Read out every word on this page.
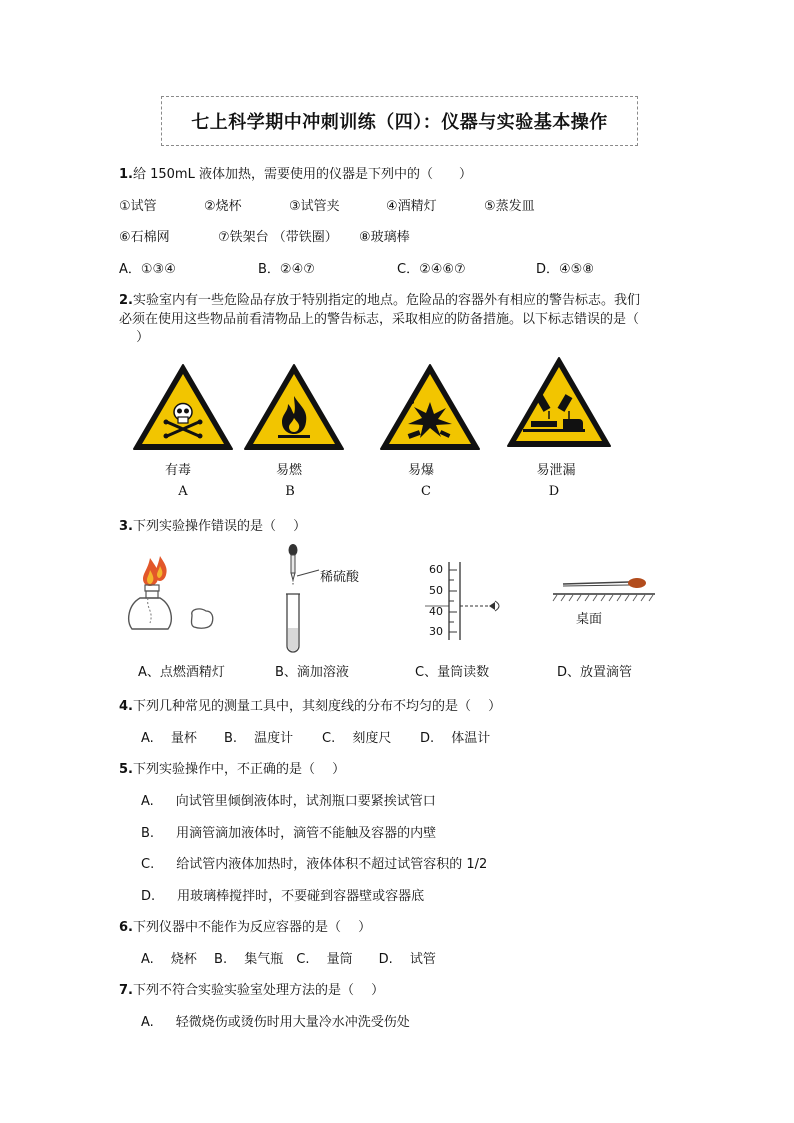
七上科学期中冲刺训练（四）：仪器与实验基本操作
1.给 150mL 液体加热，需要使用的仪器是下列中的（　　）
①试管	②烧杯	③试管夹	④酒精灯	⑤蒸发皿
⑥石棉网	⑦铁架台 （带铁圈） ⑧玻璃棒
A．①③④	B．②④⑦	C．②④⑥⑦	D．④⑤⑧
2.实验室内有一些危险品存放于特别指定的地点。危险品的容器外有相应的警告标志。我们
必须在使用这些物品前看清物品上的警告标志，采取相应的防备措施。以下标志错误的是（
　 ）
有毒	易燃	易爆	易泄漏
A	B	C	D
3.下列实验操作错误的是（　 ）
稀硫酸
60
50
40
30
桌面
A、点燃酒精灯	B、滴加溶液	C、量筒读数	D、放置滴管
4.下列几种常见的测量工具中，其刻度线的分布不均匀的是（　 ）
A.　 量杯 B.　 温度计 C.　 刻度尺 D.　 体温计
5.下列实验操作中，不正确的是（　 ）
A. 向试管里倾倒液体时，试剂瓶口要紧挨试管口
B. 用滴管滴加液体时，滴管不能触及容器的内壁
C. 给试管内液体加热时，液体体积不超过试管容积的 1/2
D. 用玻璃棒搅拌时，不要碰到容器壁或容器底
6.下列仪器中不能作为反应容器的是（　 ）
A.　 烧杯　 B.　 集气瓶　C.　 量筒　　D.　 试管
7.下列不符合实验实验室处理方法的是（　 ）
A. 轻微烧伤或烫伤时用大量冷水冲洗受伤处
